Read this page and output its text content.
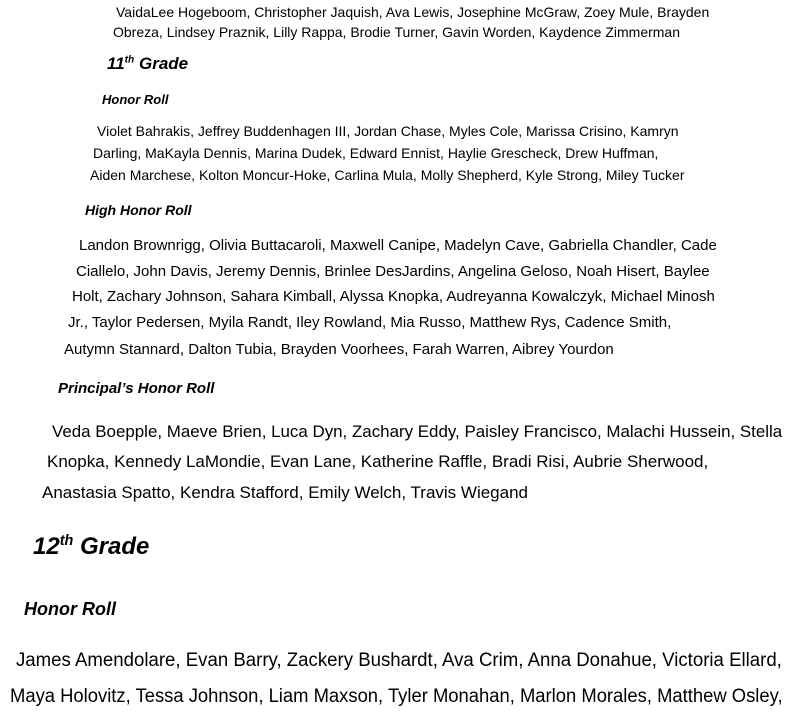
VaidaLee Hogeboom, Christopher Jaquish, Ava Lewis, Josephine McGraw, Zoey Mule, Brayden
Obreza, Lindsey Praznik, Lilly Rappa, Brodie Turner, Gavin Worden, Kaydence Zimmerman
11th Grade
Honor Roll
Violet Bahrakis, Jeffrey Buddenhagen III, Jordan Chase, Myles Cole, Marissa Crisino, Kamryn
Darling, MaKayla Dennis, Marina Dudek, Edward Ennist, Haylie Grescheck, Drew Huffman,
Aiden Marchese, Kolton Moncur-Hoke, Carlina Mula, Molly Shepherd, Kyle Strong, Miley Tucker
High Honor Roll
Landon Brownrigg, Olivia Buttacaroli, Maxwell Canipe, Madelyn Cave, Gabriella Chandler, Cade
Ciallelo, John Davis, Jeremy Dennis, Brinlee DesJardins, Angelina Geloso, Noah Hisert, Baylee
Holt, Zachary Johnson, Sahara Kimball, Alyssa Knopka, Audreyanna Kowalczyk, Michael Minosh
Jr., Taylor Pedersen, Myila Randt, Iley Rowland, Mia Russo, Matthew Rys, Cadence Smith,
Autymn Stannard, Dalton Tubia, Brayden Voorhees, Farah Warren, Aibrey Yourdon
Principal’s Honor Roll
Veda Boepple, Maeve Brien, Luca Dyn, Zachary Eddy, Paisley Francisco, Malachi Hussein, Stella
Knopka, Kennedy LaMondie, Evan Lane, Katherine Raffle, Bradi Risi, Aubrie Sherwood,
Anastasia Spatto, Kendra Stafford, Emily Welch, Travis Wiegand
12th Grade
Honor Roll
James Amendolare, Evan Barry, Zackery Bushardt, Ava Crim, Anna Donahue, Victoria Ellard,
Maya Holovitz, Tessa Johnson, Liam Maxson, Tyler Monahan, Marlon Morales, Matthew Osley,
